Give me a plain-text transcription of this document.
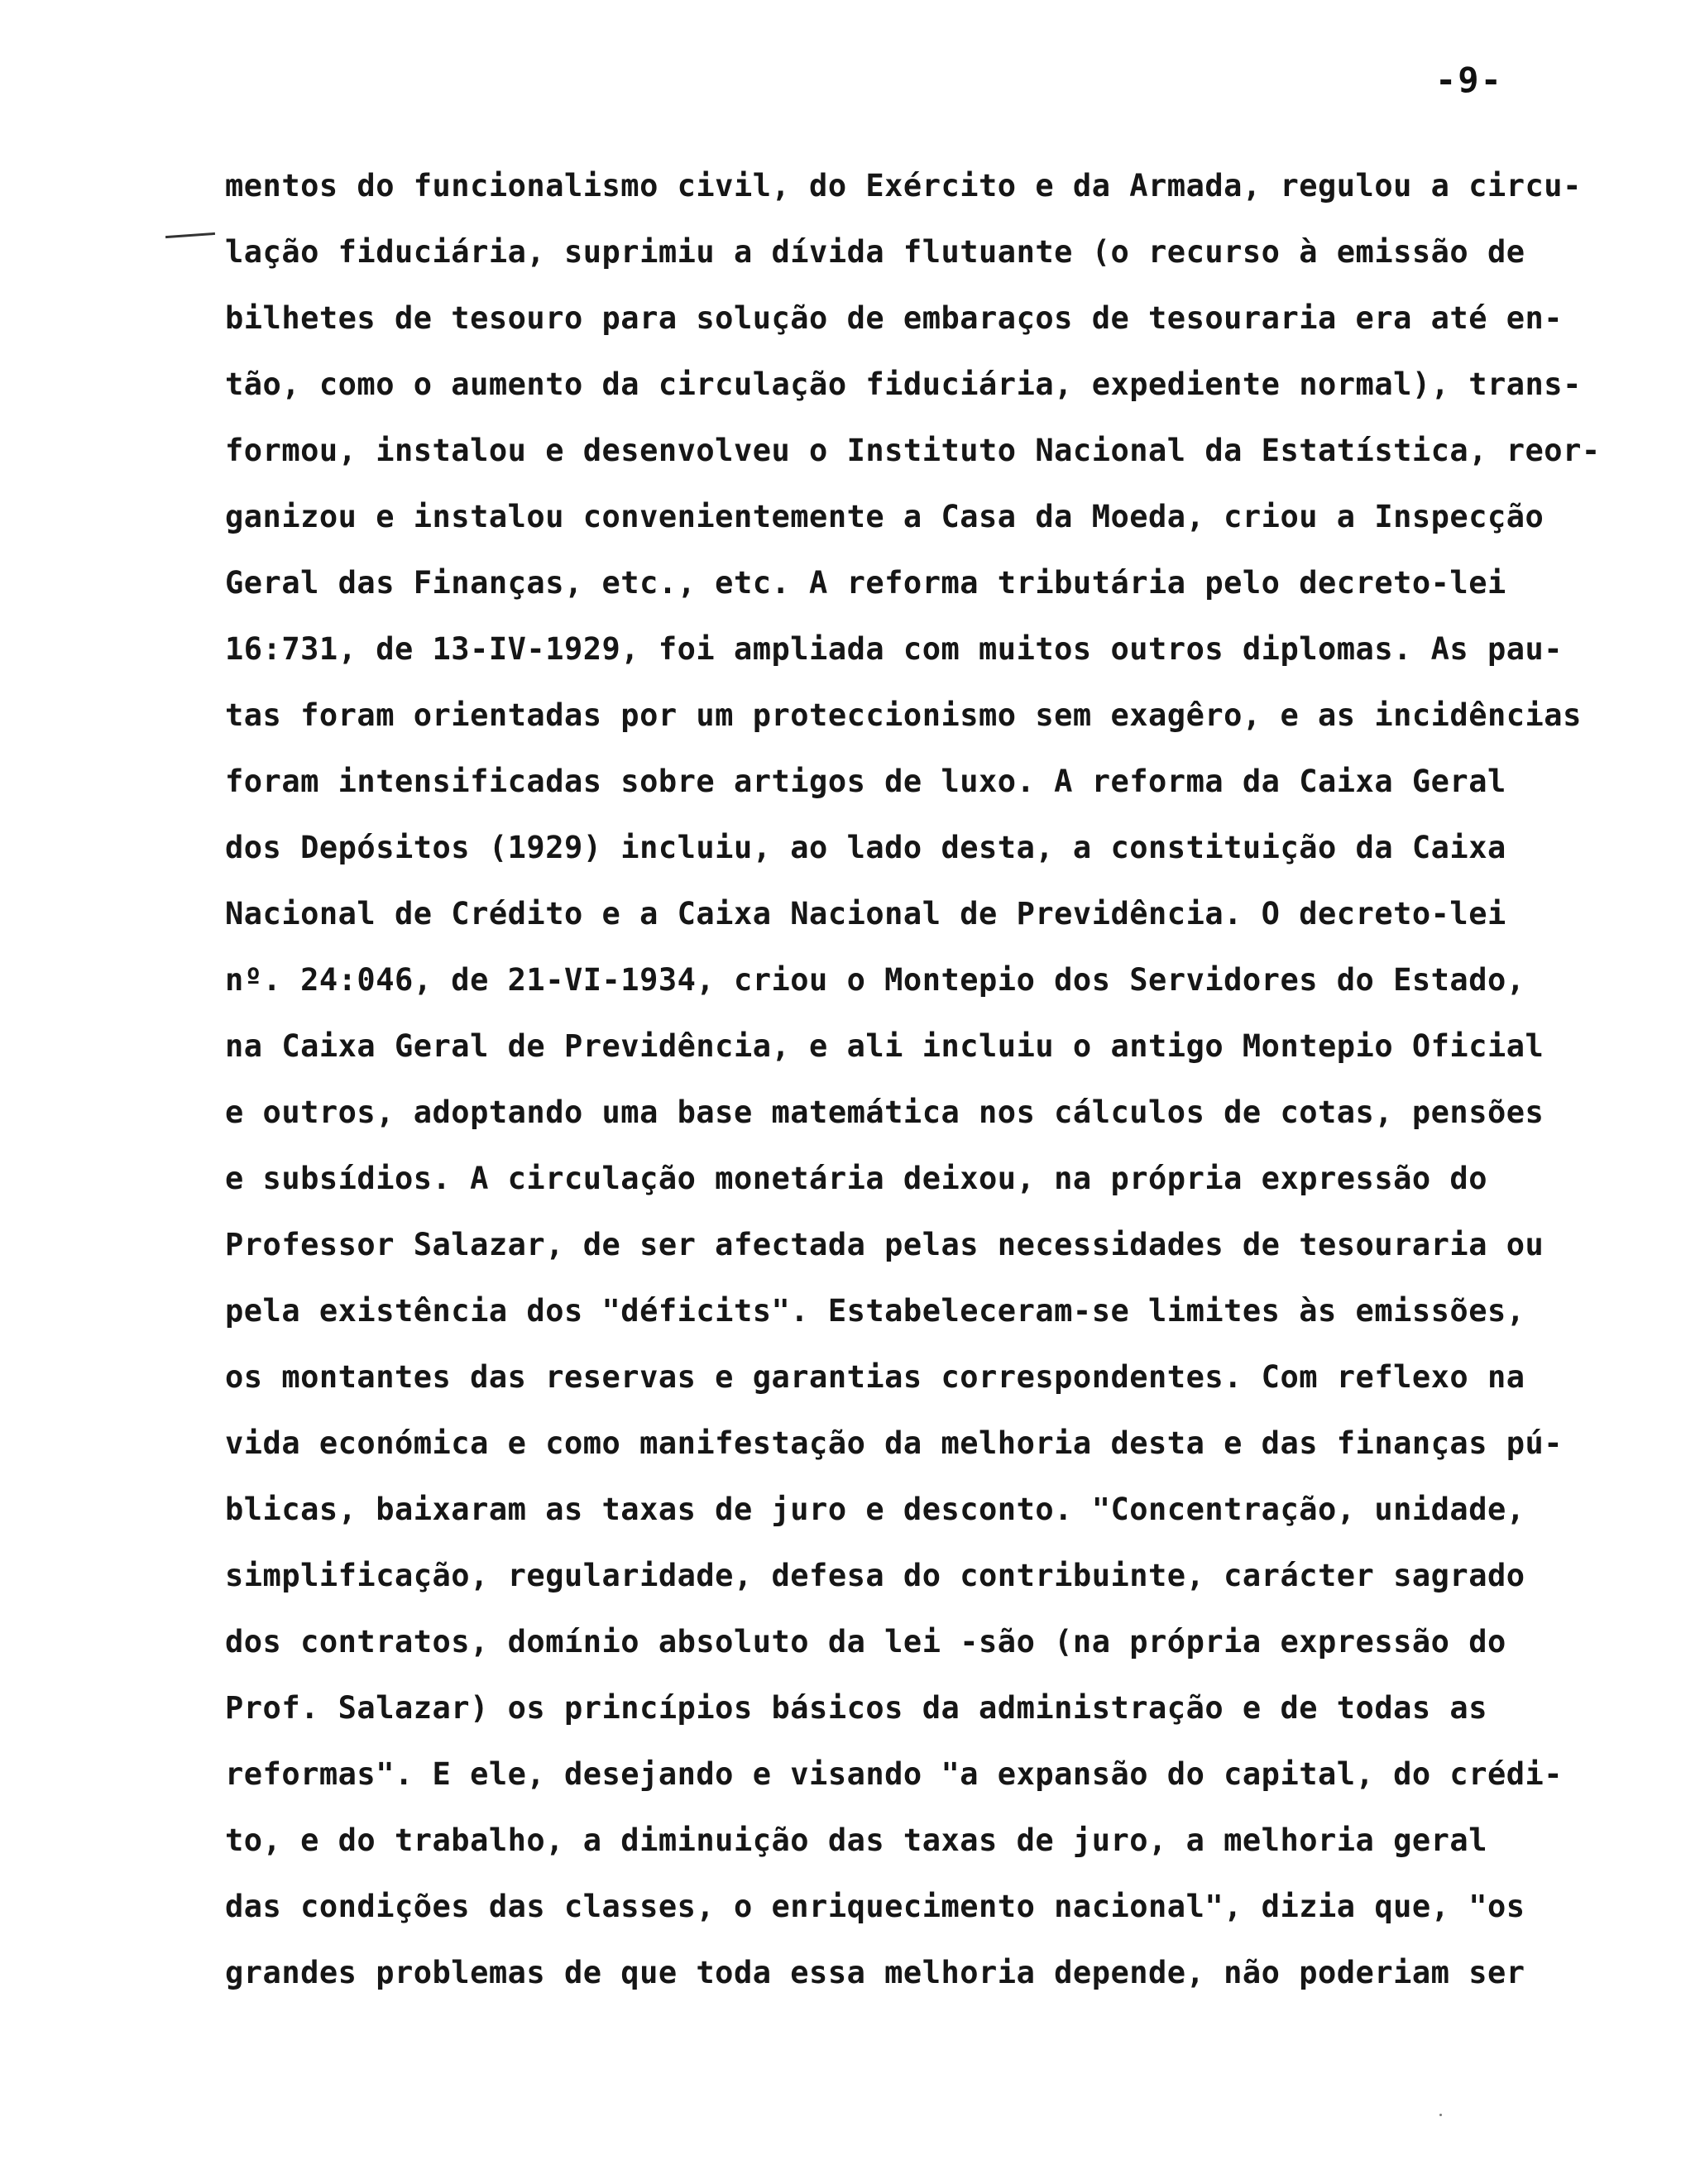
-9-
mentos do funcionalismo civil, do Exército e da Armada, regulou a circu-
lação fiduciária, suprimiu a dívida flutuante (o recurso à emissão de
bilhetes de tesouro para solução de embaraços de tesouraria era até en-
tão, como o aumento da circulação fiduciária, expediente normal), trans-
formou, instalou e desenvolveu o Instituto Nacional da Estatística, reor-
ganizou e instalou convenientemente a Casa da Moeda, criou a Inspecção
Geral das Finanças, etc., etc. A reforma tributária pelo decreto-lei
16:731, de 13-IV-1929, foi ampliada com muitos outros diplomas. As pau-
tas foram orientadas por um proteccionismo sem exagêro, e as incidências
foram intensificadas sobre artigos de luxo. A reforma da Caixa Geral
dos Depósitos (1929) incluiu, ao lado desta, a constituição da Caixa
Nacional de Crédito e a Caixa Nacional de Previdência. O decreto-lei
nº. 24:046, de 21-VI-1934, criou o Montepio dos Servidores do Estado,
na Caixa Geral de Previdência, e ali incluiu o antigo Montepio Oficial
e outros, adoptando uma base matemática nos cálculos de cotas, pensões
e subsídios. A circulação monetária deixou, na própria expressão do
Professor Salazar, de ser afectada pelas necessidades de tesouraria ou
pela existência dos "déficits". Estabeleceram-se limites às emissões,
os montantes das reservas e garantias correspondentes. Com reflexo na
vida económica e como manifestação da melhoria desta e das finanças pú-
blicas, baixaram as taxas de juro e desconto. "Concentração, unidade,
simplificação, regularidade, defesa do contribuinte, carácter sagrado
dos contratos, domínio absoluto da lei -são (na própria expressão do
Prof. Salazar) os princípios básicos da administração e de todas as
reformas". E ele, desejando e visando "a expansão do capital, do crédi-
to, e do trabalho, a diminuição das taxas de juro, a melhoria geral
das condições das classes, o enriquecimento nacional", dizia que, "os
grandes problemas de que toda essa melhoria depende, não poderiam ser
